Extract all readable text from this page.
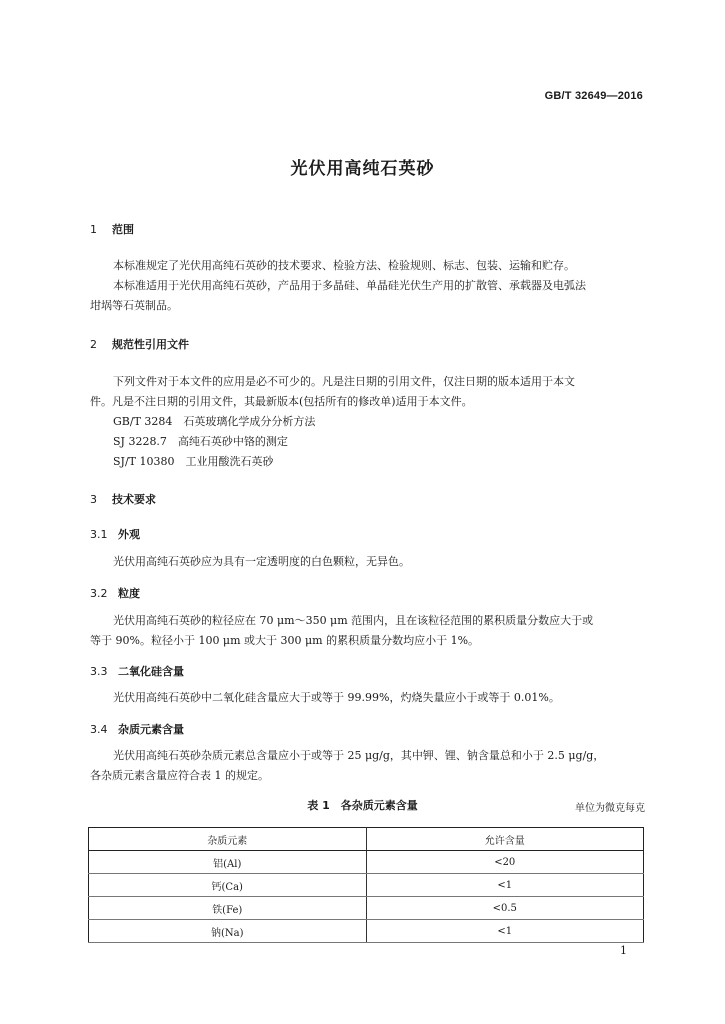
GB/T 32649—2016
光伏用高纯石英砂
1 范围
本标准规定了光伏用高纯石英砂的技术要求、检验方法、检验规则、标志、包装、运输和贮存。
本标准适用于光伏用高纯石英砂，产品用于多晶硅、单晶硅光伏生产用的扩散管、承载器及电弧法
坩埚等石英制品。
2 规范性引用文件
下列文件对于本文件的应用是必不可少的。凡是注日期的引用文件，仅注日期的版本适用于本文
件。凡是不注日期的引用文件，其最新版本(包括所有的修改单)适用于本文件。
GB/T 3284　 石英玻璃化学成分分析方法
SJ 3228.7　 高纯石英砂中铬的测定
SJ/T 10380　 工业用酸洗石英砂
3 技术要求
3.1 外观
光伏用高纯石英砂应为具有一定透明度的白色颗粒，无异色。
3.2 粒度
光伏用高纯石英砂的粒径应在 70 μm～350 μm 范围内，且在该粒径范围的累积质量分数应大于或
等于 90%。粒径小于 100 μm 或大于 300 μm 的累积质量分数均应小于 1%。
3.3 二氧化硅含量
光伏用高纯石英砂中二氧化硅含量应大于或等于 99.99%，灼烧失量应小于或等于 0.01%。
3.4 杂质元素含量
光伏用高纯石英砂杂质元素总含量应小于或等于 25 μg/g，其中钾、锂、钠含量总和小于 2.5 μg/g，
各杂质元素含量应符合表 1 的规定。
表 1　各杂质元素含量	单位为微克每克
杂质元素	允许含量
铝(Al)	<20
钙(Ca)	<1
铁(Fe)	<0.5
钠(Na)	<1
1
